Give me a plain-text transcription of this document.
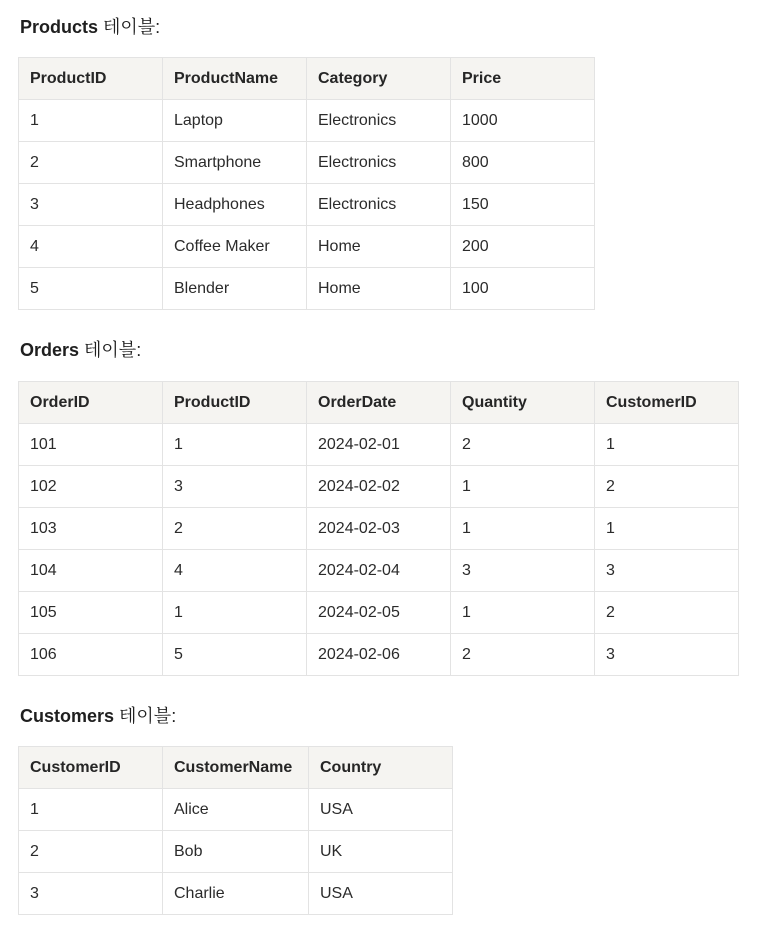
Products 테이블:
ProductID	ProductName	Category	Price
1	Laptop	Electronics	1000
2	Smartphone	Electronics	800
3	Headphones	Electronics	150
4	Coffee Maker	Home	200
5	Blender	Home	100
Orders 테이블:
OrderID	ProductID	OrderDate	Quantity	CustomerID
101	1	2024-02-01	2	1
102	3	2024-02-02	1	2
103	2	2024-02-03	1	1
104	4	2024-02-04	3	3
105	1	2024-02-05	1	2
106	5	2024-02-06	2	3
Customers 테이블:
CustomerID	CustomerName	Country
1	Alice	USA
2	Bob	UK
3	Charlie	USA
